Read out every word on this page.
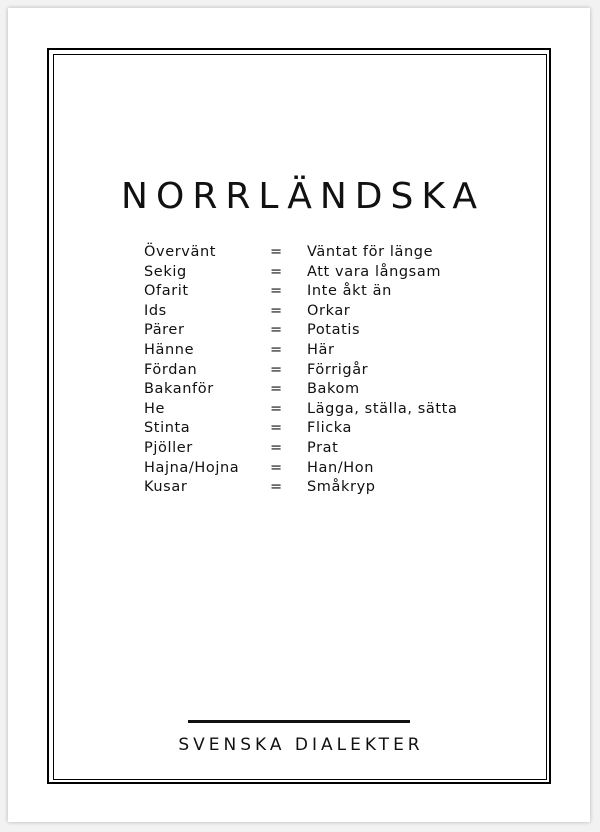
NORRLÄNDSKA
Övervänt	=	Väntat för länge
Sekig	=	Att vara långsam
Ofarit	=	Inte åkt än
Ids	=	Orkar
Pärer	=	Potatis
Hänne	=	Här
Fördan	=	Förrigår
Bakanför	=	Bakom
He	=	Lägga, ställa, sätta
Stinta	=	Flicka
Pjöller	=	Prat
Hajna/Hojna	=	Han/Hon
Kusar	=	Småkryp
SVENSKA DIALEKTER
